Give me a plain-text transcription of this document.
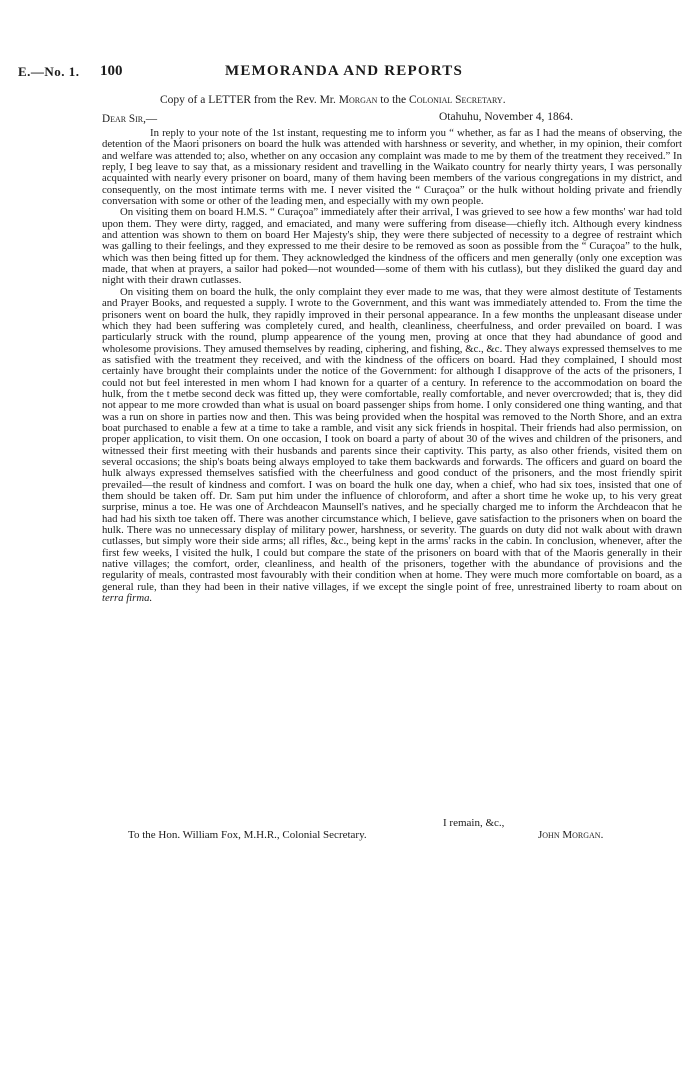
E.—No. 1. 100	MEMORANDA AND REPORTS
Copy of a LETTER from the Rev. Mr. Morgan to the Colonial Secretary.
Dear Sir,—	Otahuhu, November 4, 1864.

In reply to your note of the 1st instant, requesting me to inform you “ whether, as far as I had the means of observing, the detention of the Maori prisoners on board the hulk was attended with harshness or severity, and whether, in my opinion, their comfort and welfare was attended to; also, whether on any occasion any complaint was made to me by them of the treatment they received.” In reply, I beg leave to say that, as a missionary resident and travelling in the Waikato country for nearly thirty years, I was personally acquainted with nearly every prisoner on board, many of them having been members of the various congregations in my district, and consequently, on the most intimate terms with me. I never visited the “ Curaçoa” or the hulk without holding private and friendly conversation with some or other of the leading men, and especially with my own people.

On visiting them on board H.M.S. “ Curaçoa” immediately after their arrival, I was grieved to see how a few months' war had told upon them. They were dirty, ragged, and emaciated, and many were suffering from disease—chiefly itch. Although every kindness and attention was shown to them on board Her Majesty's ship, they were there subjected of necessity to a degree of restraint which was galling to their feelings, and they expressed to me their desire to be removed as soon as possible from the “ Curaçoa” to the hulk, which was then being fitted up for them. They acknowledged the kindness of the officers and men generally (only one exception was made, that when at prayers, a sailor had poked—not wounded—some of them with his cutlass), but they disliked the guard day and night with their drawn cutlasses.

On visiting them on board the hulk, the only complaint they ever made to me was, that they were almost destitute of Testaments and Prayer Books, and requested a supply. I wrote to the Government, and this want was immediately attended to. From the time the prisoners went on board the hulk, they rapidly improved in their personal appearance. In a few months the unpleasant disease under which they had been suffering was completely cured, and health, cleanliness, cheerfulness, and order prevailed on board. I was particularly struck with the round, plump appearence of the young men, proving at once that they had abundance of good and wholesome provisions. They amused themselves by reading, ciphering, and fishing, &c., &c. They always expressed themselves to me as satisfied with the treatment they received, and with the kindness of the officers on board. Had they complained, I should most certainly have brought their complaints under the notice of the Government: for although I disapprove of the acts of the prisoners, I could not but feel interested in men whom I had known for a quarter of a century. In reference to the accommodation on board the hulk, from the t metbe second deck was fitted up, they were comfortable, really comfortable, and never overcrowded; that is, they did not appear to me more crowded than what is usual on board passenger ships from home. I only considered one thing wanting, and that was a run on shore in parties now and then. This was being provided when the hospital was removed to the North Shore, and an extra boat purchased to enable a few at a time to take a ramble, and visit any sick friends in hospital. Their friends had also permission, on proper application, to visit them. On one occasion, I took on board a party of about 30 of the wives and children of the prisoners, and witnessed their first meeting with their husbands and parents since their captivity. This party, as also other friends, visited them on several occasions; the ship's boats being always employed to take them backwards and forwards. The officers and guard on board the hulk always expressed themselves satisfied with the cheerfulness and good conduct of the prisoners, and the most friendly spirit prevailed—the result of kindness and comfort. I was on board the hulk one day, when a chief, who had six toes, insisted that one of them should be taken off. Dr. Sam put him under the influence of chloroform, and after a short time he woke up, to his very great surprise, minus a toe. He was one of Archdeacon Maunsell's natives, and he specially charged me to inform the Archdeacon that he had had his sixth toe taken off. There was another circumstance which, I believe, gave satisfaction to the prisoners when on board the hulk. There was no unnecessary display of military power, harshness, or severity. The guards on duty did not walk about with drawn cutlasses, but simply wore their side arms; all rifles, &c., being kept in the arms' racks in the cabin. In conclusion, whenever, after the first few weeks, I visited the hulk, I could but compare the state of the prisoners on board with that of the Maoris generally in their native villages; the comfort, order, cleanliness, and health of the prisoners, together with the abundance of provisions and the regularity of meals, contrasted most favourably with their condition when at home. They were much more comfortable on board, as a general rule, than they had been in their native villages, if we except the single point of free, unrestrained liberty to roam about on terra firma.

I remain, &c.,
To the Hon. William Fox, M.H.R., Colonial Secretary.	John Morgan.
